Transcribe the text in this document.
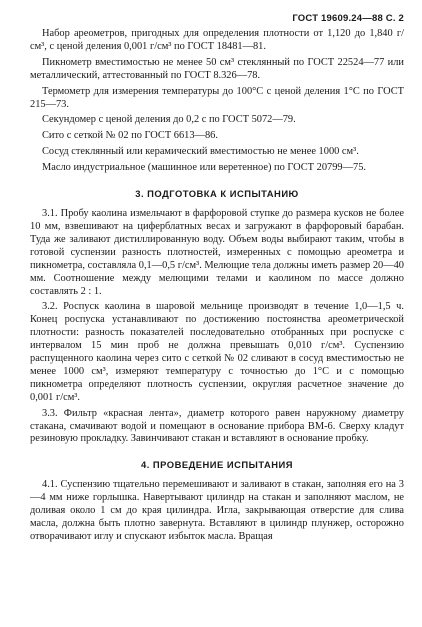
ГОСТ 19609.24—88 С. 2

Набор ареометров, пригодных для определения плотности от 1,120 до 1,840 г/см³, с ценой деления 0,001 г/см³ по ГОСТ 18481—81.

Пикнометр вместимостью не менее 50 см³ стеклянный по ГОСТ 22524—77 или металлический, аттестованный по ГОСТ 8.326—78.

Термометр для измерения температуры до 100°С с ценой деления 1°С по ГОСТ 215—73.

Секундомер с ценой деления до 0,2 с по ГОСТ 5072—79.

Сито с сеткой № 02 по ГОСТ 6613—86.

Сосуд стеклянный или керамический вместимостью не менее 1000 см³.

Масло индустриальное (машинное или веретенное) по ГОСТ 20799—75.

3. ПОДГОТОВКА К ИСПЫТАНИЮ

3.1. Пробу каолина измельчают в фарфоровой ступке до размера кусков не более 10 мм, взвешивают на циферблатных весах и загружают в фарфоровый барабан. Туда же заливают дистиллированную воду. Объем воды выбирают таким, чтобы в готовой суспензии разность плотностей, измеренных с помощью ареометра и пикнометра, составляла 0,1—0,5 г/см³. Мелющие тела должны иметь размер 20—40 мм. Соотношение между мелющими телами и каолином по массе должно составлять 2 : 1.

3.2. Роспуск каолина в шаровой мельнице производят в течение 1,0—1,5 ч. Конец роспуска устанавливают по достижению постоянства ареометрической плотности: разность показателей последовательно отобранных при роспуске с интервалом 15 мин проб не должна превышать 0,010 г/см³. Суспензию распущенного каолина через сито с сеткой № 02 сливают в сосуд вместимостью не менее 1000 см³, измеряют температуру с точностью до 1°С и с помощью пикнометра определяют плотность суспензии, округляя расчетное значение до 0,001 г/см³.

3.3. Фильтр «красная лента», диаметр которого равен наружному диаметру стакана, смачивают водой и помещают в основание прибора ВМ-6. Сверху кладут резиновую прокладку. Завинчивают стакан и вставляют в основание пробку.

4. ПРОВЕДЕНИЕ ИСПЫТАНИЯ

4.1. Суспензию тщательно перемешивают и заливают в стакан, заполняя его на 3—4 мм ниже горлышка. Навертывают цилиндр на стакан и заполняют маслом, не доливая около 1 см до края цилиндра. Игла, закрывающая отверстие для слива масла, должна быть плотно завернута. Вставляют в цилиндр плунжер, осторожно отворачивают иглу и спускают избыток масла. Вращая
